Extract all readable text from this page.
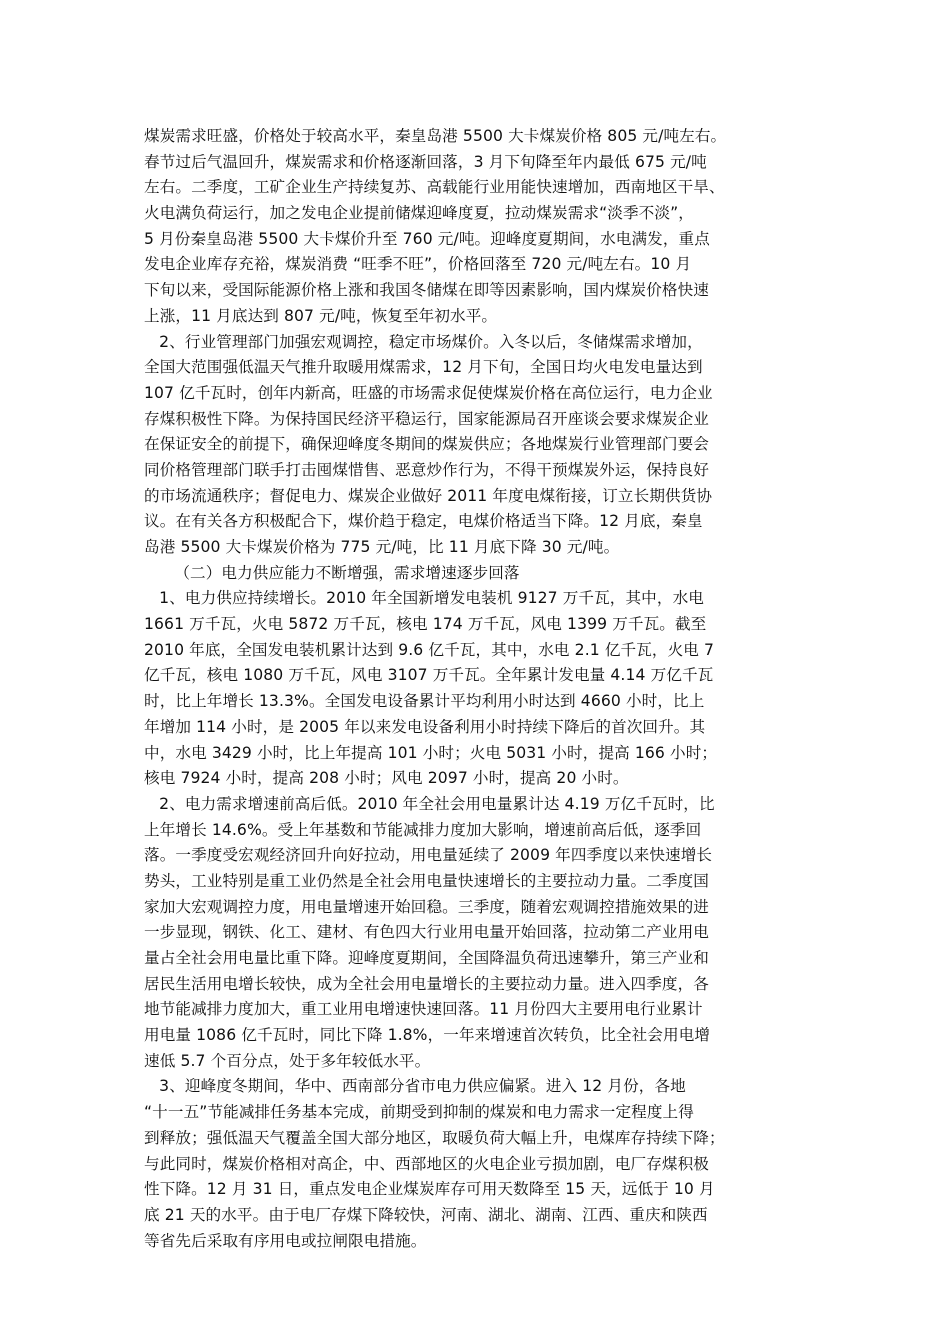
煤炭需求旺盛，价格处于较高水平，秦皇岛港 5500 大卡煤炭价格 805 元/吨左右。
春节过后气温回升，煤炭需求和价格逐渐回落，3 月下旬降至年内最低 675 元/吨
左右。二季度，工矿企业生产持续复苏、高载能行业用能快速增加，西南地区干旱、
火电满负荷运行，加之发电企业提前储煤迎峰度夏，拉动煤炭需求“淡季不淡”，
5 月份秦皇岛港 5500 大卡煤价升至 760 元/吨。迎峰度夏期间，水电满发，重点
发电企业库存充裕，煤炭消费 “旺季不旺”，价格回落至 720 元/吨左右。10 月
下旬以来，受国际能源价格上涨和我国冬储煤在即等因素影响，国内煤炭价格快速
上涨，11 月底达到 807 元/吨，恢复至年初水平。
2、行业管理部门加强宏观调控，稳定市场煤价。入冬以后，冬储煤需求增加，
全国大范围强低温天气推升取暖用煤需求，12 月下旬，全国日均火电发电量达到
107 亿千瓦时，创年内新高，旺盛的市场需求促使煤炭价格在高位运行，电力企业
存煤积极性下降。为保持国民经济平稳运行，国家能源局召开座谈会要求煤炭企业
在保证安全的前提下，确保迎峰度冬期间的煤炭供应；各地煤炭行业管理部门要会
同价格管理部门联手打击囤煤惜售、恶意炒作行为，不得干预煤炭外运，保持良好
的市场流通秩序；督促电力、煤炭企业做好 2011 年度电煤衔接，订立长期供货协
议。在有关各方积极配合下，煤价趋于稳定，电煤价格适当下降。12 月底，秦皇
岛港 5500 大卡煤炭价格为 775 元/吨，比 11 月底下降 30 元/吨。
（二）电力供应能力不断增强，需求增速逐步回落
1、电力供应持续增长。2010 年全国新增发电装机 9127 万千瓦，其中，水电
1661 万千瓦，火电 5872 万千瓦，核电 174 万千瓦，风电 1399 万千瓦。截至
2010 年底，全国发电装机累计达到 9.6 亿千瓦，其中，水电 2.1 亿千瓦，火电 7
亿千瓦，核电 1080 万千瓦，风电 3107 万千瓦。全年累计发电量 4.14 万亿千瓦
时，比上年增长 13.3%。全国发电设备累计平均利用小时达到 4660 小时，比上
年增加 114 小时，是 2005 年以来发电设备利用小时持续下降后的首次回升。其
中，水电 3429 小时，比上年提高 101 小时；火电 5031 小时，提高 166 小时；
核电 7924 小时，提高 208 小时；风电 2097 小时，提高 20 小时。
2、电力需求增速前高后低。2010 年全社会用电量累计达 4.19 万亿千瓦时，比
上年增长 14.6%。受上年基数和节能减排力度加大影响，增速前高后低，逐季回
落。一季度受宏观经济回升向好拉动，用电量延续了 2009 年四季度以来快速增长
势头，工业特别是重工业仍然是全社会用电量快速增长的主要拉动力量。二季度国
家加大宏观调控力度，用电量增速开始回稳。三季度，随着宏观调控措施效果的进
一步显现，钢铁、化工、建材、有色四大行业用电量开始回落，拉动第二产业用电
量占全社会用电量比重下降。迎峰度夏期间，全国降温负荷迅速攀升，第三产业和
居民生活用电增长较快，成为全社会用电量增长的主要拉动力量。进入四季度，各
地节能减排力度加大，重工业用电增速快速回落。11 月份四大主要用电行业累计
用电量 1086 亿千瓦时，同比下降 1.8%，一年来增速首次转负，比全社会用电增
速低 5.7 个百分点，处于多年较低水平。
3、迎峰度冬期间，华中、西南部分省市电力供应偏紧。进入 12 月份，各地
“十一五”节能减排任务基本完成，前期受到抑制的煤炭和电力需求一定程度上得
到释放；强低温天气覆盖全国大部分地区，取暖负荷大幅上升，电煤库存持续下降；
与此同时，煤炭价格相对高企，中、西部地区的火电企业亏损加剧，电厂存煤积极
性下降。12 月 31 日，重点发电企业煤炭库存可用天数降至 15 天，远低于 10 月
底 21 天的水平。由于电厂存煤下降较快，河南、湖北、湖南、江西、重庆和陕西
等省先后采取有序用电或拉闸限电措施。
